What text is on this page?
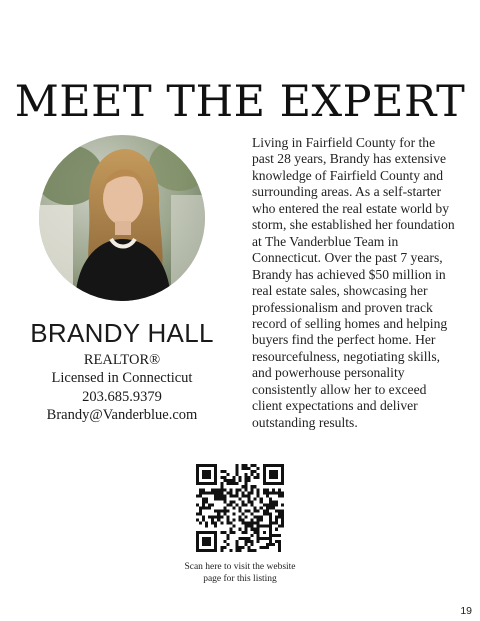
MEET THE EXPERT
BRANDY HALL
REALTOR®
Licensed in Connecticut
203.685.9379
Brandy@Vanderblue.com

Living in Fairfield County for the past 28 years, Brandy has extensive knowledge of Fairfield County and surrounding areas. As a self-starter who entered the real estate world by storm, she established her foundation at The Vanderblue Team in Connecticut. Over the past 7 years, Brandy has achieved $50 million in real estate sales, showcasing her professionalism and proven track record of selling homes and helping buyers find the perfect home. Her resourcefulness, negotiating skills, and powerhouse personality consistently allow her to exceed client expectations and deliver outstanding results.

Scan here to visit the website
page for this listing
19
